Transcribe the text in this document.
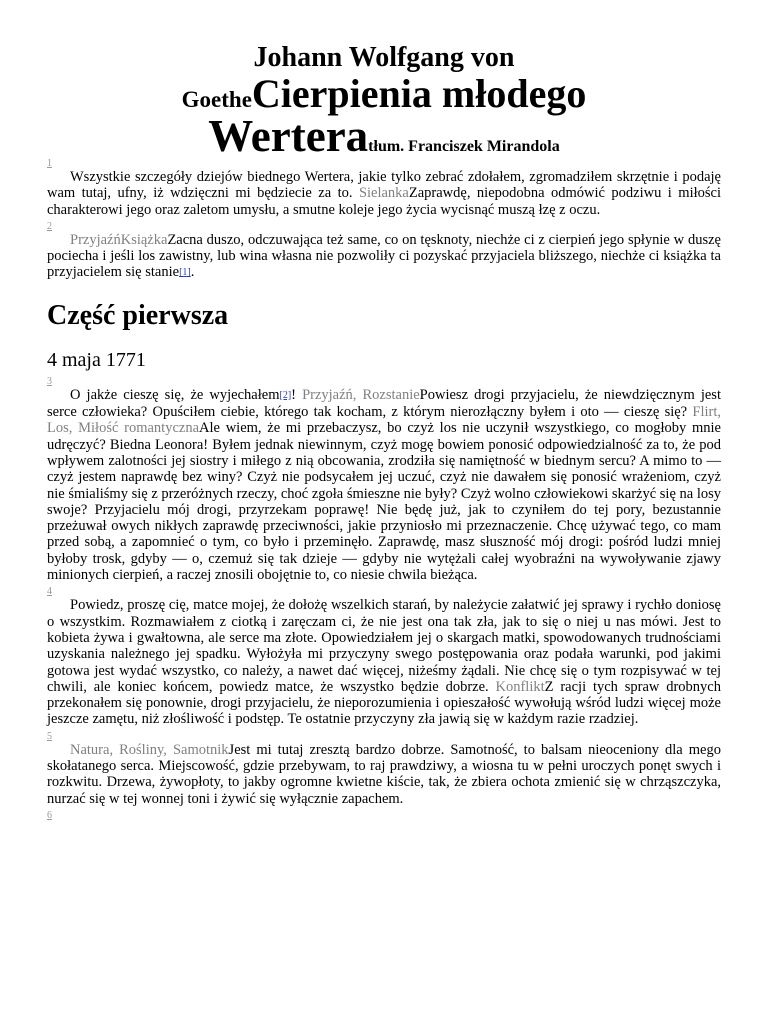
Johann Wolfgang von
GoetheCierpienia młodego
Werteratłum. Franciszek Mirandola
1

Wszystkie szczegóły dziejów biednego Wertera, jakie tylko zebrać zdołałem, zgromadziłem skrzętnie i podaję wam tutaj, ufny, iż wdzięczni mi będziecie za to. SielankaZaprawdę, niepodobna odmówić podziwu i miłości charakterowi jego oraz zaletom umysłu, a smutne koleje jego życia wycisnąć muszą łzę z oczu.

2

PrzyjaźńKsiążkaZacna duszo, odczuwająca też same, co on tęsknoty, niechże ci z cierpień jego spłynie w duszę pociecha i jeśli los zawistny, lub wina własna nie pozwoliły ci pozyskać przyjaciela bliższego, niechże ci książka ta przyjacielem się stanie[1].

Część pierwsza
4 maja 1771
3

O jakże cieszę się, że wyjechałem[2]! Przyjaźń, RozstaniePowiesz drogi przyjacielu, że niewdzięcznym jest serce człowieka? Opuściłem ciebie, którego tak kocham, z którym nierozłączny byłem i oto — cieszę się? Flirt, Los, Miłość romantycznaAle wiem, że mi przebaczysz, bo czyż los nie uczynił wszystkiego, co mogłoby mnie udręczyć? Biedna Leonora! Byłem jednak niewinnym, czyż mogę bowiem ponosić odpowiedzialność za to, że pod wpływem zalotności jej siostry i miłego z nią obcowania, zrodziła się namiętność w biednym sercu? A mimo to — czyż jestem naprawdę bez winy? Czyż nie podsycałem jej uczuć, czyż nie dawałem się ponosić wrażeniom, czyż nie śmialiśmy się z przeróżnych rzeczy, choć zgoła śmieszne nie były? Czyż wolno człowiekowi skarżyć się na losy swoje? Przyjacielu mój drogi, przyrzekam poprawę! Nie będę już, jak to czyniłem do tej pory, bezustannie przeżuwał owych nikłych zaprawdę przeciwności, jakie przyniosło mi przeznaczenie. Chcę używać tego, co mam przed sobą, a zapomnieć o tym, co było i przeminęło. Zaprawdę, masz słuszność mój drogi: pośród ludzi mniej byłoby trosk, gdyby — o, czemuż się tak dzieje — gdyby nie wytężali całej wyobraźni na wywoływanie zjawy minionych cierpień, a raczej znosili obojętnie to, co niesie chwila bieżąca.

4

Powiedz, proszę cię, matce mojej, że dołożę wszelkich starań, by należycie załatwić jej sprawy i rychło doniosę o wszystkim. Rozmawiałem z ciotką i zaręczam ci, że nie jest ona tak zła, jak to się o niej u nas mówi. Jest to kobieta żywa i gwałtowna, ale serce ma złote. Opowiedziałem jej o skargach matki, spowodowanych trudnościami uzyskania należnego jej spadku. Wyłożyła mi przyczyny swego postępowania oraz podała warunki, pod jakimi gotowa jest wydać wszystko, co należy, a nawet dać więcej, niżeśmy żądali. Nie chcę się o tym rozpisywać w tej chwili, ale koniec końcem, powiedz matce, że wszystko będzie dobrze. KonfliktZ racji tych spraw drobnych przekonałem się ponownie, drogi przyjacielu, że nieporozumienia i opieszałość wywołują wśród ludzi więcej może jeszcze zamętu, niż złośliwość i podstęp. Te ostatnie przyczyny zła jawią się w każdym razie rzadziej.

5

Natura, Rośliny, SamotnikJest mi tutaj zresztą bardzo dobrze. Samotność, to balsam nieoceniony dla mego skołatanego serca. Miejscowość, gdzie przebywam, to raj prawdziwy, a wiosna tu w pełni uroczych ponęt swych i rozkwitu. Drzewa, żywopłoty, to jakby ogromne kwietne kiście, tak, że zbiera ochota zmienić się w chrząszczyka, nurzać się w tej wonnej toni i żywić się wyłącznie zapachem.

6
